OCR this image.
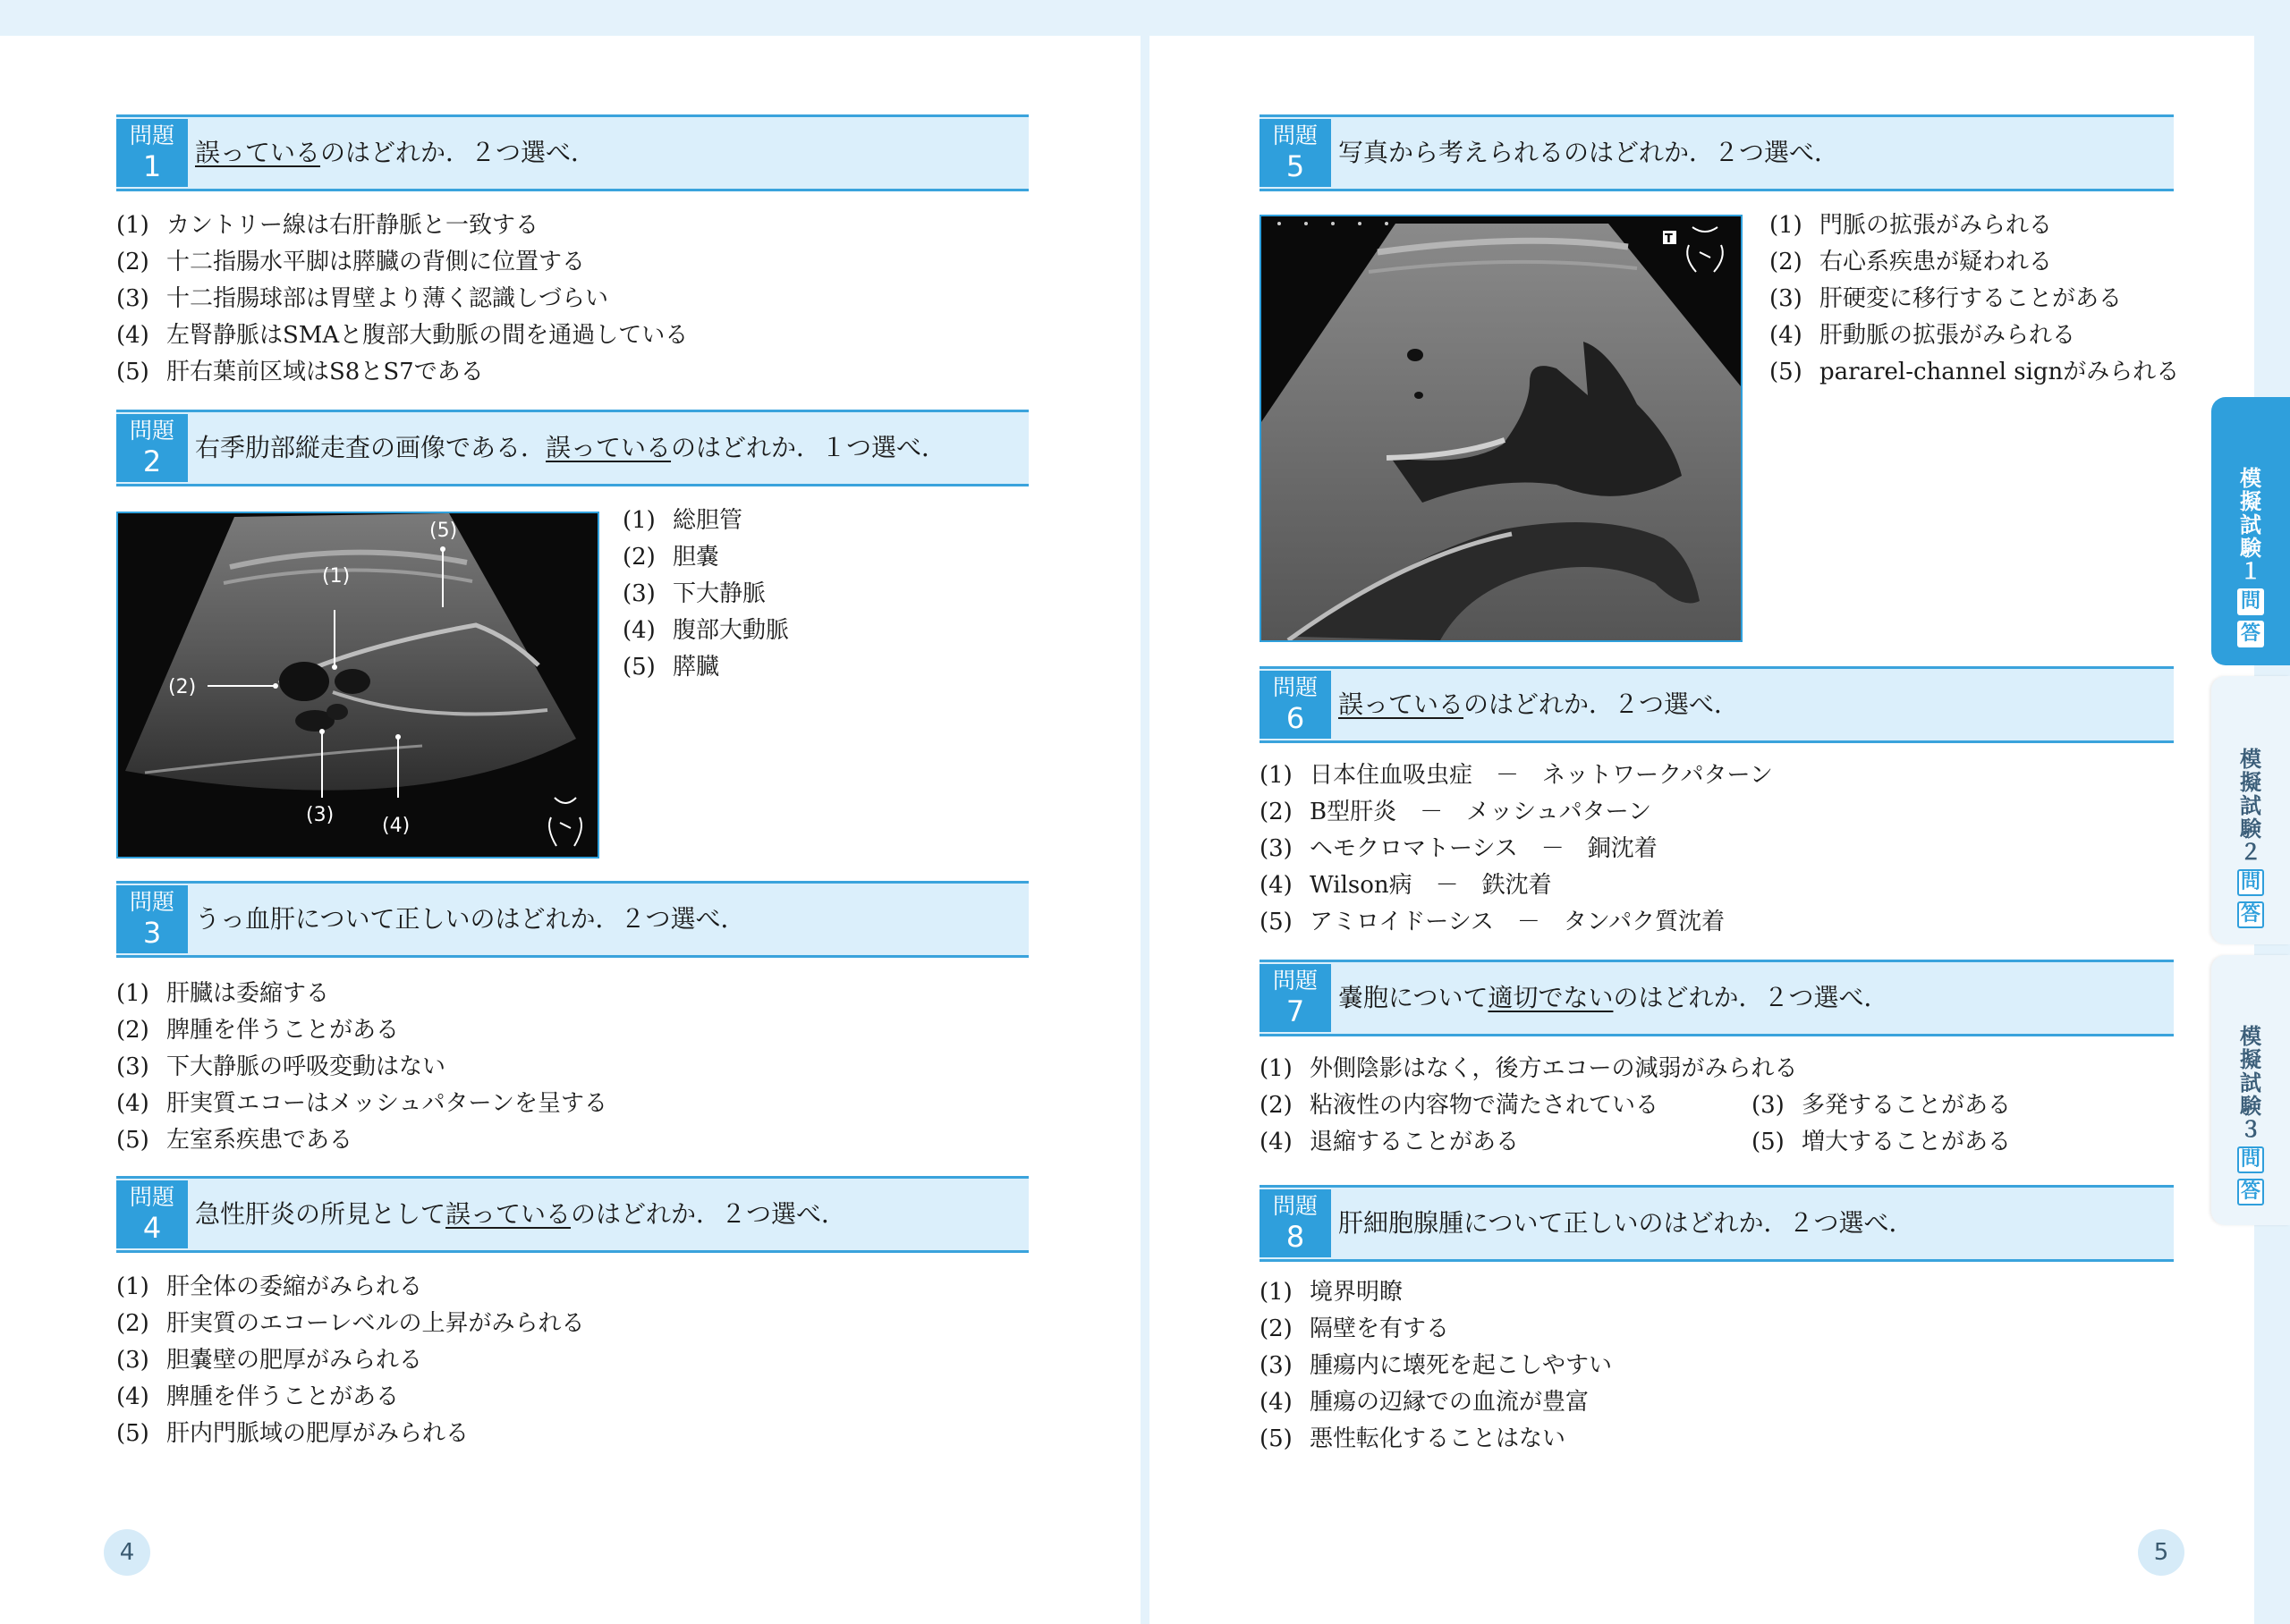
問題
1	誤っているのはどれか．２つ選べ．
(1) カントリー線は右肝静脈と一致する
(2) 十二指腸水平脚は膵臓の背側に位置する
(3) 十二指腸球部は胃壁より薄く認識しづらい
(4) 左腎静脈はSMAと腹部大動脈の間を通過している
(5) 肝右葉前区域はS8とS7である
問題
2	右季肋部縦走査の画像である．誤っているのはどれか．１つ選べ．
(1)
(2)
(3) (4)
(5)	(1) 総胆管
(2) 胆嚢
(3) 下大静脈
(4) 腹部大動脈
(5) 膵臓
問題
3	うっ血肝について正しいのはどれか．２つ選べ．
(1) 肝臓は委縮する
(2) 脾腫を伴うことがある
(3) 下大静脈の呼吸変動はない
(4) 肝実質エコーはメッシュパターンを呈する
(5) 左室系疾患である
問題
4	急性肝炎の所見として誤っているのはどれか．２つ選べ．
(1) 肝全体の委縮がみられる
(2) 肝実質のエコーレベルの上昇がみられる
(3) 胆嚢壁の肥厚がみられる
(4) 脾腫を伴うことがある
(5) 肝内門脈域の肥厚がみられる
問題
5	写真から考えられるのはどれか．２つ選べ．
T
(1) 門脈の拡張がみられる
(2) 右心系疾患が疑われる
(3) 肝硬変に移行することがある
(4) 肝動脈の拡張がみられる
(5) pararel-channel signがみられる
問題
6	誤っているのはどれか．２つ選べ．
(1) 日本住血吸虫症　－　ネットワークパターン
(2) B型肝炎　－　メッシュパターン
(3) ヘモクロマトーシス　－　銅沈着
(4) Wilson病　－　鉄沈着
(5) アミロイドーシス　－　タンパク質沈着
問題
7	嚢胞について適切でないのはどれか．２つ選べ．
(1) 外側陰影はなく，後方エコーの減弱がみられる
(2) 粘液性の内容物で満たされている	(3) 多発することがある
(4) 退縮することがある	(5) 増大することがある
問題
8	肝細胞腺腫について正しいのはどれか．２つ選べ．
(1) 境界明瞭
(2) 隔壁を有する
(3) 腫瘍内に壊死を起こしやすい
(4) 腫瘍の辺縁での血流が豊富
(5) 悪性転化することはない
4	5
模擬試験１
問
答
模擬試験２
問
答
模擬試験３
問
答
